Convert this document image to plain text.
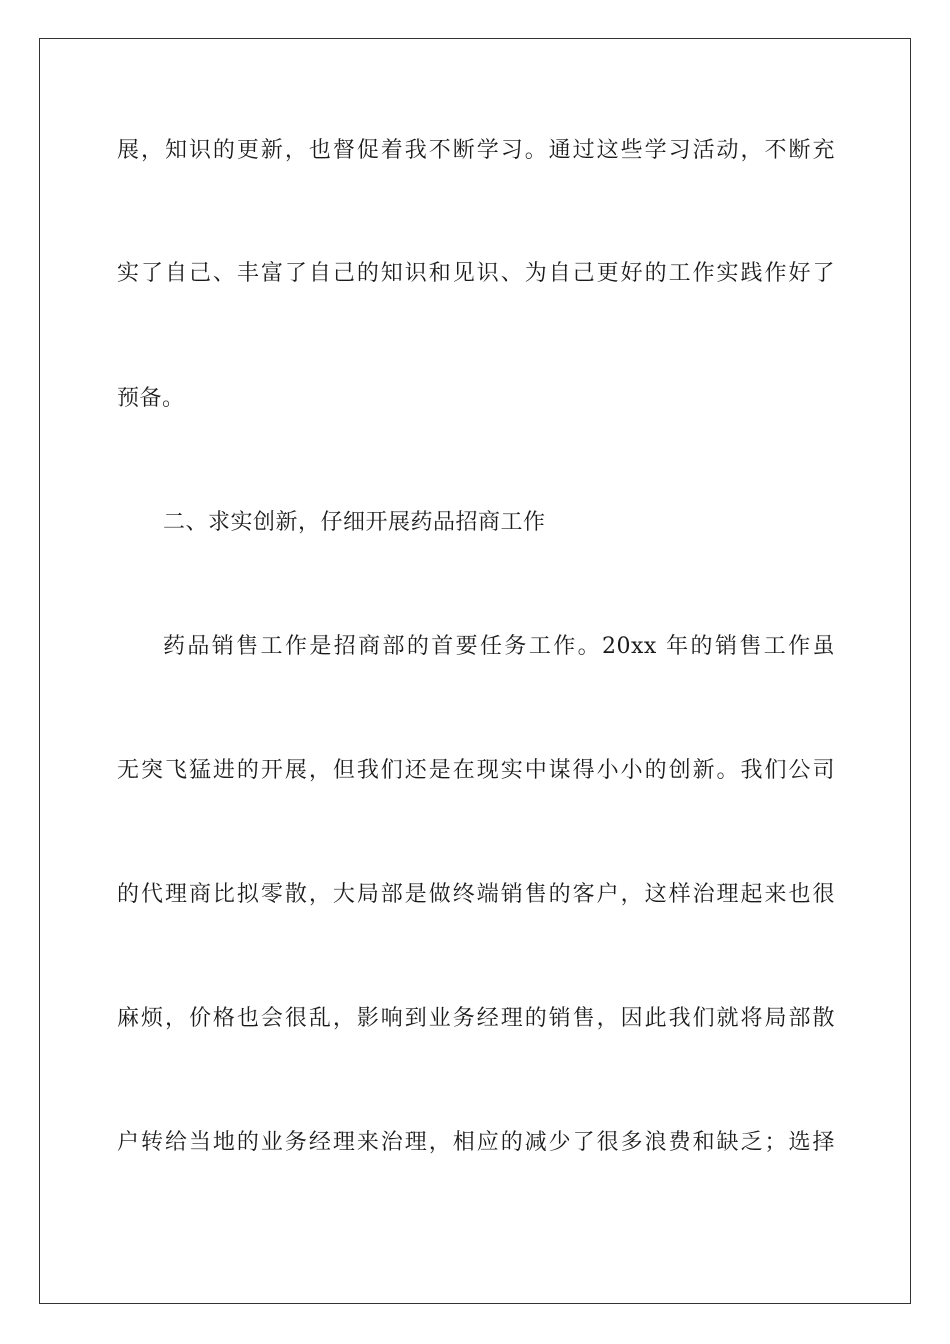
展，知识的更新，也督促着我不断学习。通过这些学习活动，不断充
实了自己、丰富了自己的知识和见识、为自己更好的工作实践作好了
预备。
二、求实创新，仔细开展药品招商工作
药品销售工作是招商部的首要任务工作。20xx 年的销售工作虽
无突飞猛进的开展，但我们还是在现实中谋得小小的创新。我们公司
的代理商比拟零散，大局部是做终端销售的客户，这样治理起来也很
麻烦，价格也会很乱，影响到业务经理的销售，因此我们就将局部散
户转给当地的业务经理来治理，相应的减少了很多浪费和缺乏；选择
